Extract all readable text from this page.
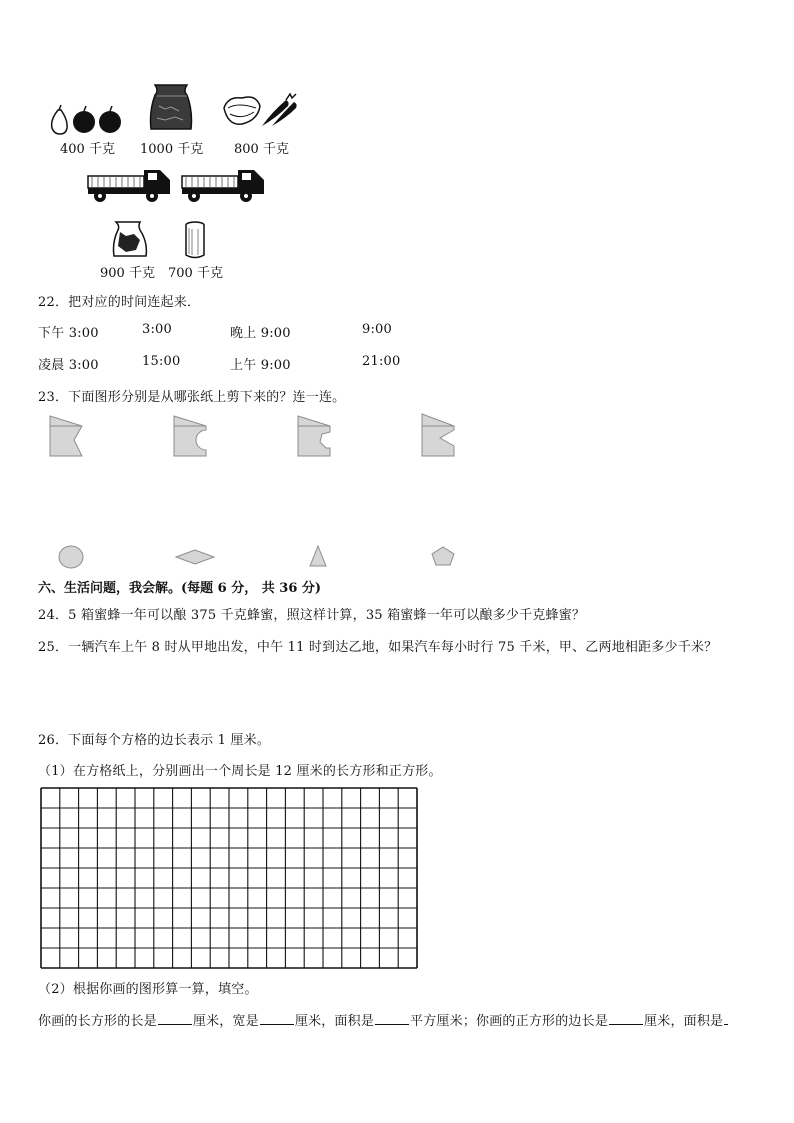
400 千克 1000 千克 800 千克
900 千克 700 千克
22．把对应的时间连起来．
下午 3:00	3:00	晚上 9:00	9:00
凌晨 3:00	15:00	上午 9:00	21:00
23．下面图形分别是从哪张纸上剪下来的？连一连。
六、生活问题，我会解。(每题 6 分， 共 36 分)
24．5 箱蜜蜂一年可以酿 375 千克蜂蜜，照这样计算，35 箱蜜蜂一年可以酿多少千克蜂蜜？
25．一辆汽车上午 8 时从甲地出发，中午 11 时到达乙地，如果汽车每小时行 75 千米，甲、乙两地相距多少千米？
26．下面每个方格的边长表示 1 厘米。
（1）在方格纸上，分别画出一个周长是 12 厘米的长方形和正方形。
（2）根据你画的图形算一算，填空。
你画的长方形的长是	厘米，宽是	厘米，面积是	平方厘米；你画的正方形的边长是	厘米，面积是
